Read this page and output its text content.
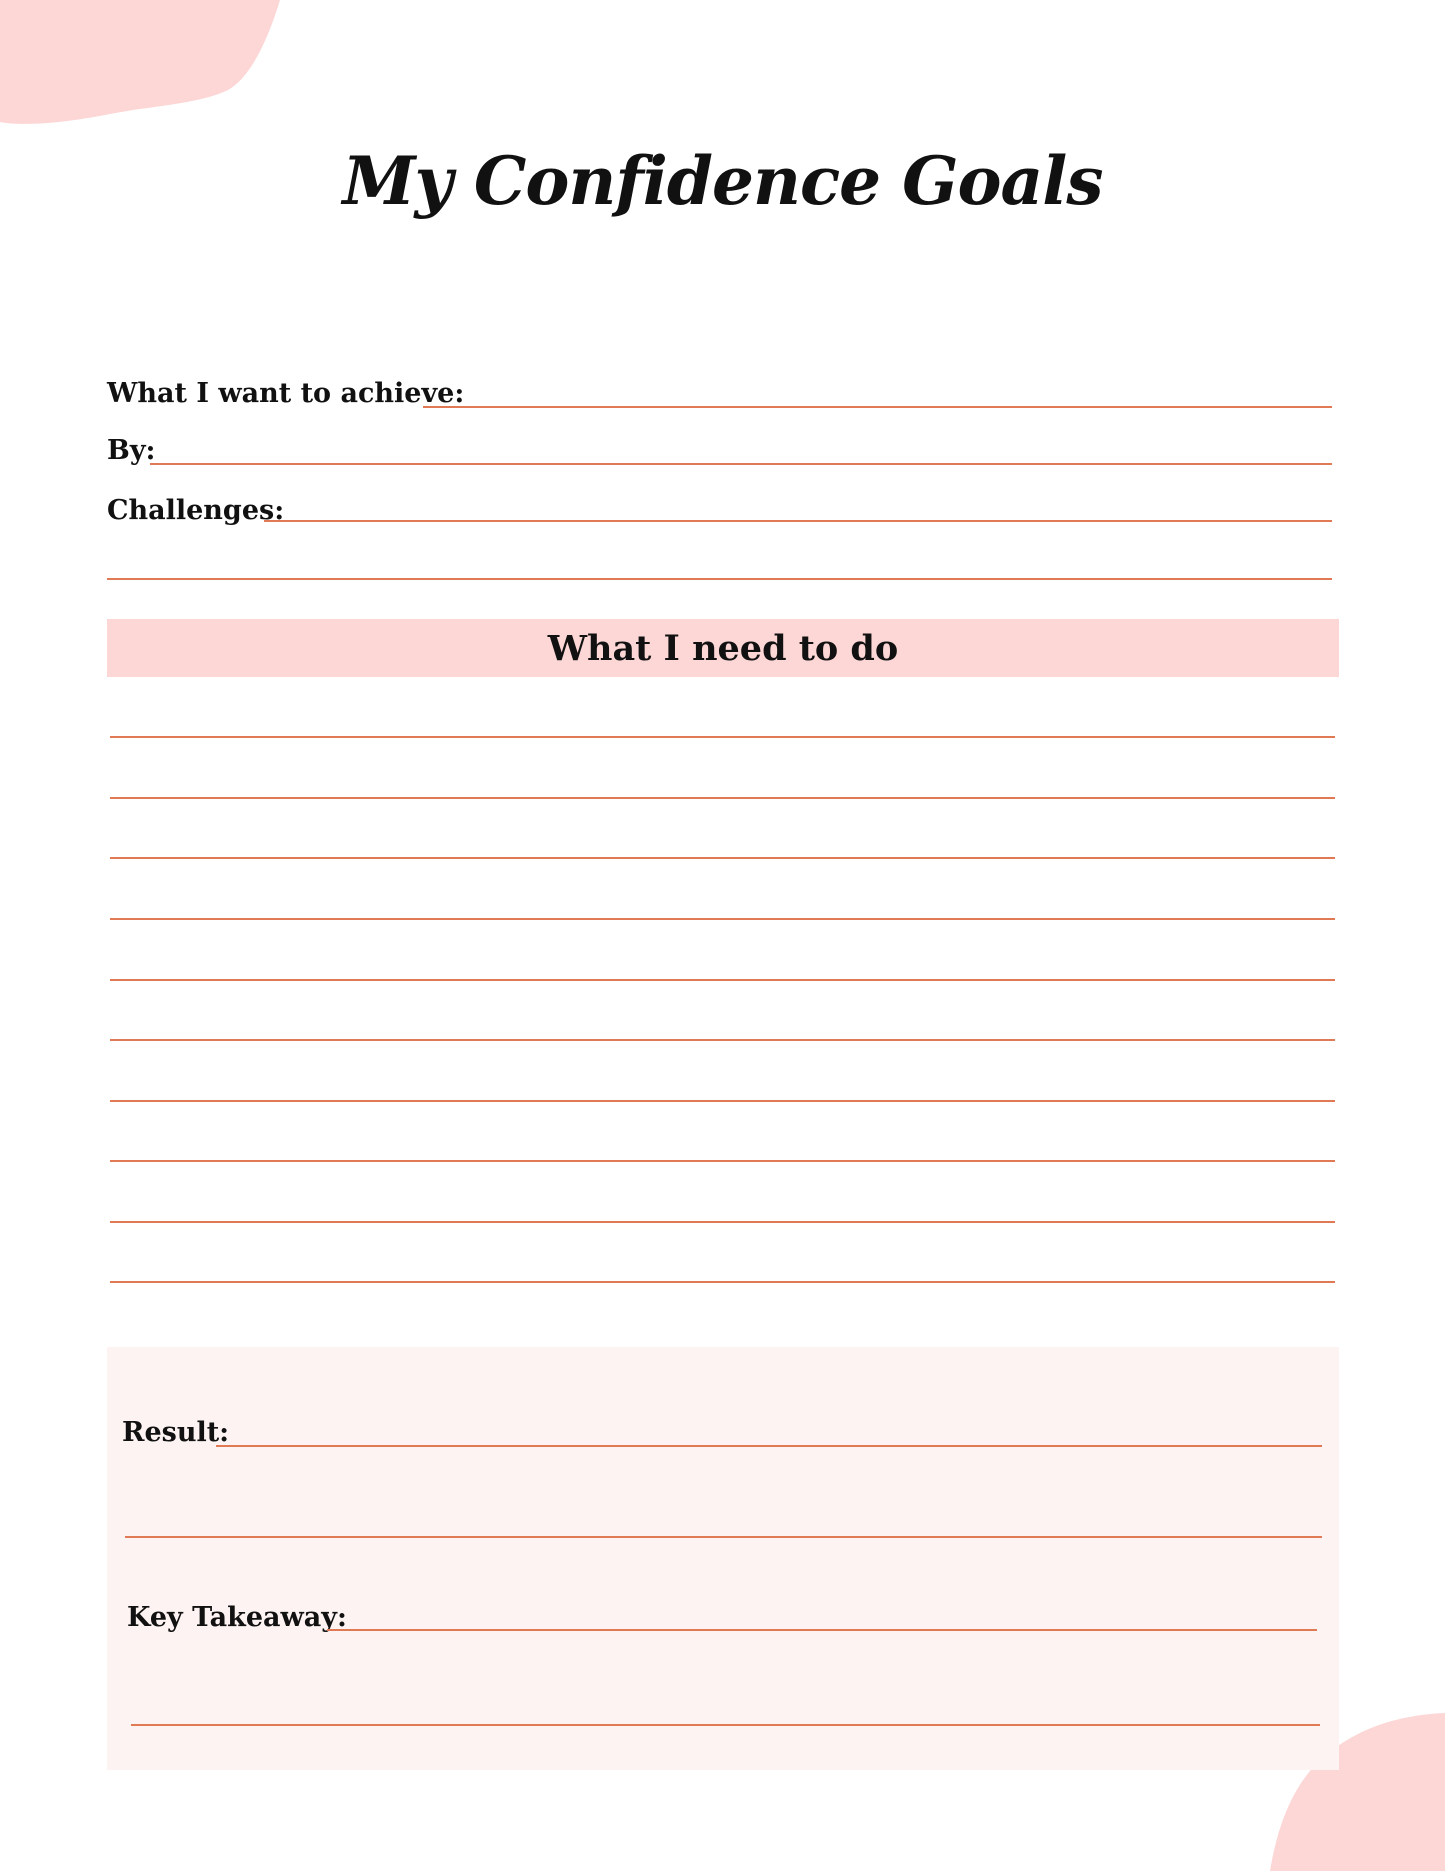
My Confidence Goals
What I want to achieve:
By:
Challenges:
What I need to do
Result:
Key Takeaway:
